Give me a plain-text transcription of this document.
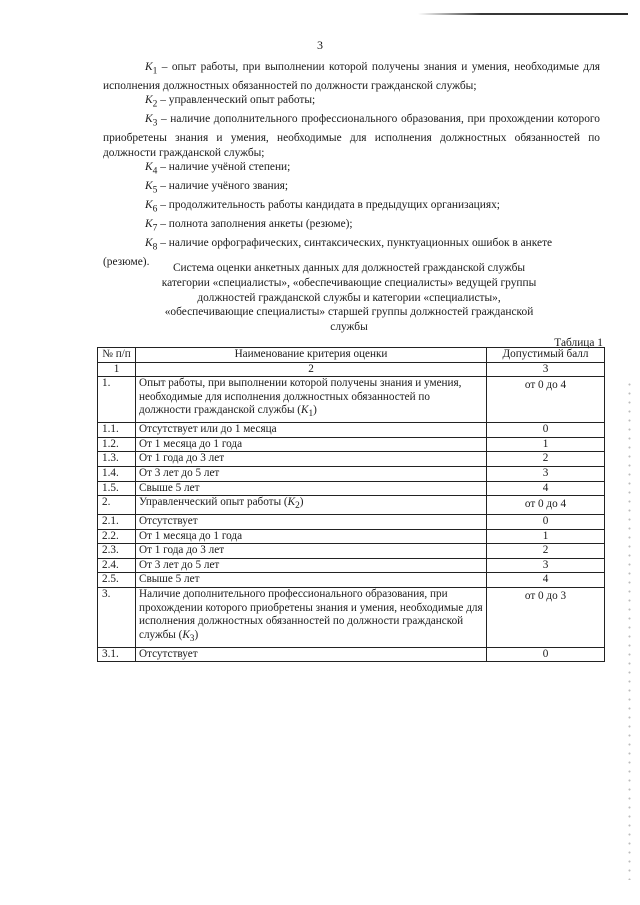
3

$K_1$ – опыт работы, при выполнении которой получены знания и умения, необходимые для исполнения должностных обязанностей по должности гражданской службы;

$K_2$ – управленческий опыт работы;

$K_3$ – наличие дополнительного профессионального образования, при прохождении которого приобретены знания и умения, необходимые для исполнения должностных обязанностей по должности гражданской службы;

$K_4$ – наличие учёной степени;

$K_5$ – наличие учёного звания;

$K_6$ – продолжительность работы кандидата в предыдущих организациях;

$K_7$ – полнота заполнения анкеты (резюме);

$K_8$ – наличие орфографических, синтаксических, пунктуационных ошибок в анкете (резюме).

Система оценки анкетных данных для должностей гражданской службы
категории «специалисты», «обеспечивающие специалисты» ведущей группы
должностей гражданской службы и категории «специалисты»,
«обеспечивающие специалисты» старшей группы должностей гражданской
службы
Таблица 1
№ п/п	Наименование критерия оценки	Допустимый балл
1	2	3
1.	Опыт работы, при выполнении которой получены знания и умения, необходимые для исполнения должностных обязанностей по должности гражданской службы $(K_1)$	от 0 до 4
1.1.	Отсутствует или до 1 месяца	0
1.2.	От 1 месяца до 1 года	1
1.3.	От 1 года до 3 лет	2
1.4.	От 3 лет до 5 лет	3
1.5.	Свыше 5 лет	4
2.	Управленческий опыт работы $(K_2)$	от 0 до 4
2.1.	Отсутствует	0
2.2.	От 1 месяца до 1 года	1
2.3.	От 1 года до 3 лет	2
2.4.	От 3 лет до 5 лет	3
2.5.	Свыше 5 лет	4
3.	Наличие дополнительного профессионального образования, при прохождении которого приобретены знания и умения, необходимые для исполнения должностных обязанностей по должности гражданской службы $(K_3)$	от 0 до 3
3.1.	Отсутствует	0
